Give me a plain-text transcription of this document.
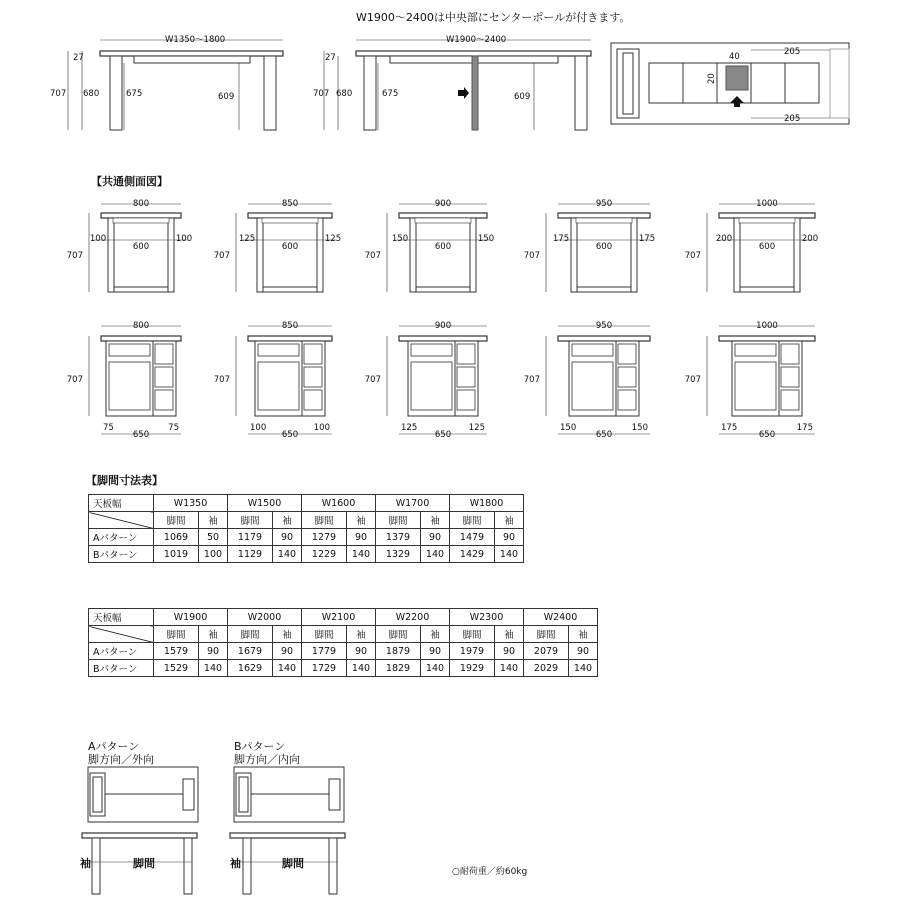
W1900〜2400は中央部にセンターポールが付きます。
W1350〜1800
27
707 680	675	609
W1900〜2400
27
707 680	675	609
205
205
40
20
800
100
600
100
707
850
125
600
125
707
900
150
600
150
707
950
175
600
175
707
1000
200
600
200
707
800
75
650
75
707
850
100
650
100
707
900
125
650
125
707
950
150
650
150
707
1000
175
650
175
707
【共通側面図】
【脚間寸法表】
天板幅	W1350		W1500		W1600		W1700		W1800	
	脚間	袖	脚間	袖	脚間	袖	脚間	袖	脚間	袖
Aパターン	1069	50	1179	90	1279	90	1379	90	1479	90
Bパターン	1019	100	1129	140	1229	140	1329	140	1429	140
天板幅	W1900		W2000		W2100		W2200		W2300		W2400	
	脚間	袖	脚間	袖	脚間	袖	脚間	袖	脚間	袖	脚間	袖
Aパターン	1579	90	1679	90	1779	90	1879	90	1979	90	2079	90
Bパターン	1529	140	1629	140	1729	140	1829	140	1929	140	2029	140
Aパターン
脚方向／外向
袖	脚間
Bパターン
脚方向／内向
袖	脚間
○耐荷重／約60kg
